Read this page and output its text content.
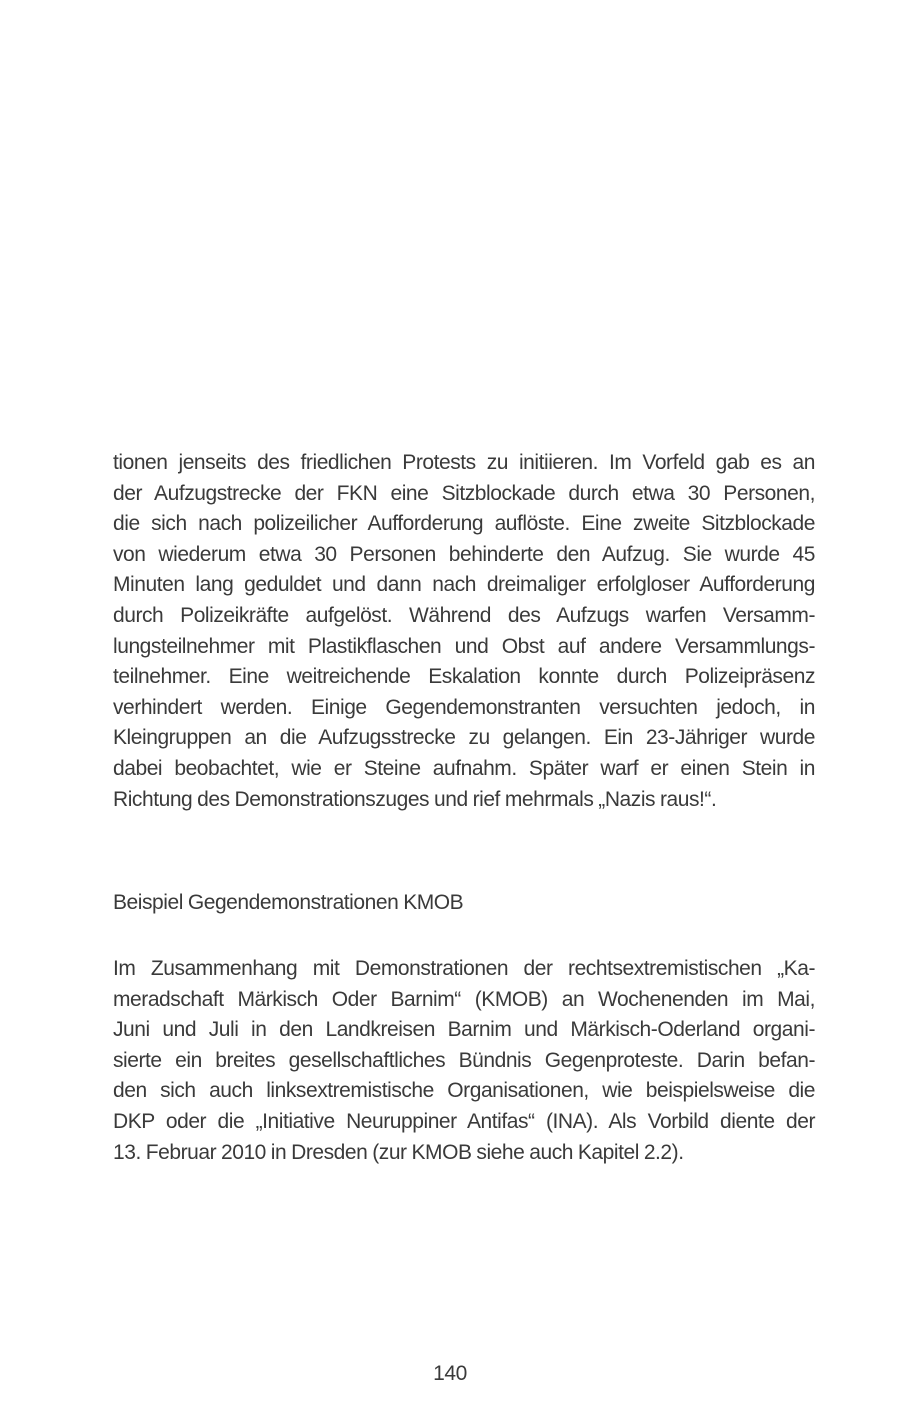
tionen jenseits des friedlichen Protests zu initiieren. Im Vorfeld gab es an
der Aufzugstrecke der FKN eine Sitzblockade durch etwa 30 Personen,
die sich nach polizeilicher Aufforderung auflöste. Eine zweite Sitzblockade
von wiederum etwa 30 Personen behinderte den Aufzug. Sie wurde 45
Minuten lang geduldet und dann nach dreimaliger erfolgloser Aufforderung
durch Polizeikräfte aufgelöst. Während des Aufzugs warfen Versamm-
lungsteilnehmer mit Plastikflaschen und Obst auf andere Versammlungs-
teilnehmer. Eine weitreichende Eskalation konnte durch Polizeipräsenz
verhindert werden. Einige Gegendemonstranten versuchten jedoch, in
Kleingruppen an die Aufzugsstrecke zu gelangen. Ein 23-Jähriger wurde
dabei beobachtet, wie er Steine aufnahm. Später warf er einen Stein in
Richtung des Demonstrationszuges und rief mehrmals „Nazis raus!“.
Beispiel Gegendemonstrationen KMOB
Im Zusammenhang mit Demonstrationen der rechtsextremistischen „Ka-
meradschaft Märkisch Oder Barnim“ (KMOB) an Wochenenden im Mai,
Juni und Juli in den Landkreisen Barnim und Märkisch-Oderland organi-
sierte ein breites gesellschaftliches Bündnis Gegenproteste. Darin befan-
den sich auch linksextremistische Organisationen, wie beispielsweise die
DKP oder die „Initiative Neuruppiner Antifas“ (INA). Als Vorbild diente der
13. Februar 2010 in Dresden (zur KMOB siehe auch Kapitel 2.2).
140
